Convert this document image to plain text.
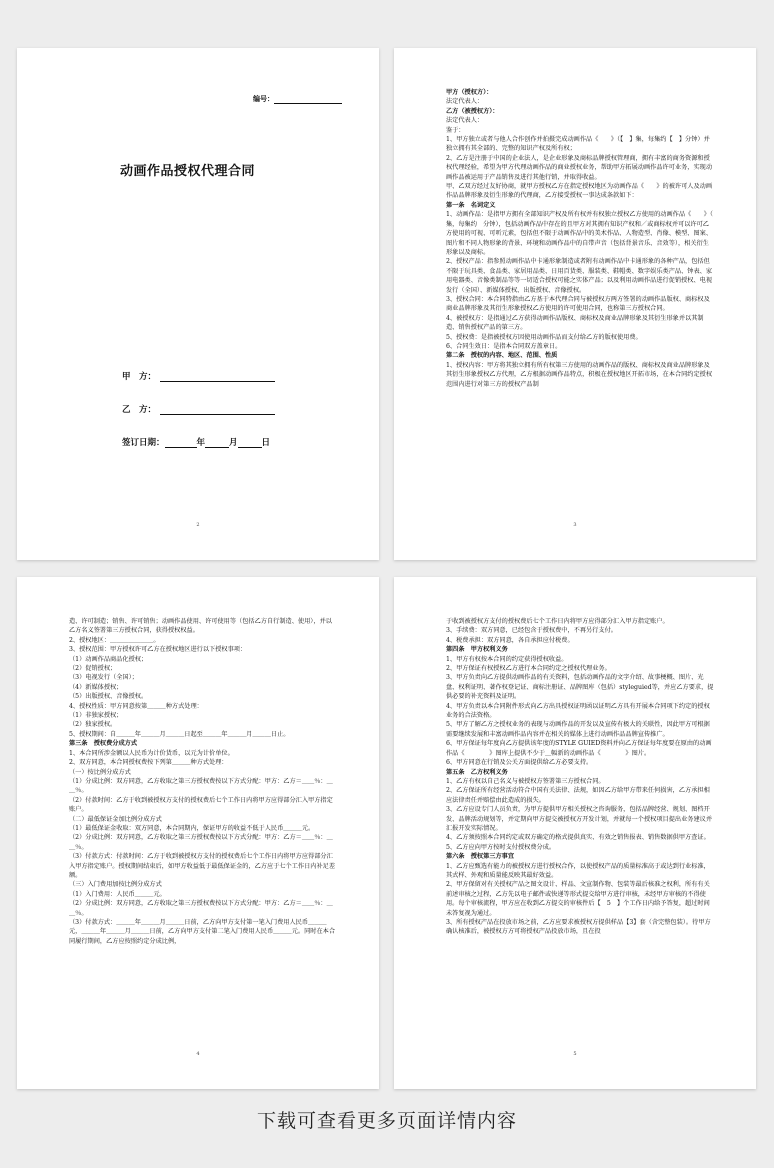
编号：
动画作品授权代理合同
甲　方：
乙　方：
签订日期：	年	月	日
2

甲方（授权方）：

法定代表人：

乙方（被授权方）：

法定代表人：

鉴于：

1、甲方独立或者与他人合作创作并拍摄完成动画作品《　　》（【　】集，每集约【　】分钟）并独立拥有其全部的、完整的知识产权及所有权；

2、乙方是注册于中国的企业法人，是企业形象及商标品牌授权管理商，拥有丰富的商务资源和授权代理经验，希望为甲方代理动画作品的商业授权业务，帮助甲方拓展动画作品许可业务，实现动画作品被运用于产品销售及进行其他行销，并取得收益。

甲、乙双方经过友好协商，就甲方授权乙方在指定授权地区为动画作品《　　》的被许可人及动画作品品牌形象及衍生形象的代理商，乙方接受授权一事达成条款如下：

第一条　名词定义

1、动画作品：是指甲方拥有全部知识产权及所有权并有权独立授权乙方使用的动画作品《　　》（　集，每集约　分钟），包括动画作品中存在的且甲方对其拥有知识产权和／或商标权并可以许可乙方使用的可视、可听元素，包括但不限于动画作品中的美术作品、人物造型、肖像、模型、图案、图片和不同人物形象的背景、环境和动画作品中的自带声音（包括背景音乐、音效等），相关衍生形象以及商标。

2、授权产品：指参照动画作品中卡通形象制造或者附有动画作品中卡通形象的各种产品，包括但不限于玩具类、食品类、家居用品类、日用百货类、服装类、鞋帽类、数字娱乐类产品、钟表、家用电器类、音像类制品等等一切适合授权可能之实体产品；以及利用动画作品进行促销授权、电视发行（全国）、新媒体授权、出版授权、音像授权。

3、授权合同：本合同特指由乙方基于本代理合同与被授权方两方签署的动画作品版权、商标权及商业品牌形象及其衍生形象授权乙方使用的许可使用合同，也称第三方授权合同。

4、被授权方：是指通过乙方获得动画作品版权、商标权及商业品牌形象及其衍生形象并以其制造、销售授权产品的第三方。

5、授权费：是指被授权方因使用动画作品而支付给乙方的版权使用费。

6、合同生效日：是指本合同双方盖章日。

第二条　授权的内容、地区、范围、性质

1、授权内容：甲方将其独立拥有所有权第三方使用的动画作品的版权、商标权及商业品牌形象及其衍生形象授权乙方代理，乙方根据动画作品特点，积极在授权地区开拓市场，在本合同约定授权范围内进行对第三方的授权产品制

3

造、许可制造；销售、许可销售；动画作品使用、许可使用等（包括乙方自行制造、使用），并以乙方名义签署第三方授权合同，获得授权权益。

2、授权地区：＿＿＿＿＿＿＿。

3、授权范围：甲方授权许可乙方在授权地区进行以下授权事项：

（1）动画作品商品化授权；

（2）促销授权；

（3）电视发行（全国）；

（4）新媒体授权；

（5）出版授权、音像授权。

4、授权性质：甲方同意按第＿＿＿种方式处理：

（1）非独家授权；

（2）独家授权。

5、授权期间：自＿＿＿年＿＿＿月＿＿＿日起至＿＿＿年＿＿＿月＿＿＿日止。

第三条　授权费分成方式

1、本合同所涉金额以人民币为计价货币，以元为计价单位。

2、双方同意，本合同授权费按下列第＿＿＿种方式处理：

（一）按比例分成方式

（1）分成比例：双方同意，乙方收取之第三方授权费按以下方式分配：甲方：乙方＝＿＿％：＿＿％。

（2）付款时间：乙方于收到被授权方支付的授权费后七个工作日内将甲方应得部分汇入甲方指定账户。

（二）最低保证金加比例分成方式

（1）最低保证金收取：双方同意，本合同期内，保证甲方的收益不低于人民币＿＿＿元。

（2）分成比例：双方同意，乙方收取之第三方授权费按以下方式分配：甲方：乙方＝＿＿％：＿＿％。

（3）付款方式：付款时间：乙方于收到被授权方支付的授权费后七个工作日内将甲方应得部分汇入甲方指定账户。授权期间结束后，如甲方收益低于最低保证金的，乙方应于七个工作日内补足差额。

（三）入门费用加按比例分成方式

（1）入门费用：人民币＿＿＿元。

（2）分成比例：双方同意，乙方收取之第三方授权费按以下方式分配：甲方：乙方＝＿＿％：＿＿％。

（3）付款方式：＿＿＿年＿＿＿月＿＿＿日前，乙方向甲方支付第一笔入门费用人民币＿＿＿元，＿＿＿年＿＿＿月＿＿＿日前，乙方向甲方支付第二笔入门费用人民币＿＿＿元。同时在本合同履行期间，乙方应按照约定分成比例，

4

于收到被授权方支付的授权费后七个工作日内将甲方应得部分汇入甲方指定账户。

3、手续费：双方同意，已经包含于授权费中，不再另行支付。

4、税费承担：双方同意，各自承担应付税费。

第四条　甲方权利义务

1、甲方有权按本合同的约定获得授权收益。

2、甲方保证有权授权乙方进行本合同约定之授权代理业务。

3、甲方负责向乙方提供动画作品的有关资料，包括动画作品的文字介绍、故事梗概、图片、光盘、权利证明、著作权登记证、商标注册证、品牌图库（包括）styleguied等，并应乙方要求，提供必要的补充资料及证明。

4、甲方负责以本合同附件形式向乙方出具授权证明函以证明乙方具有开展本合同项下约定的授权业务的合法资格。

5、甲方了解乙方之授权业务的表现与动画作品的开发以及宣传有极大的关联性，因此甲方可根据需要继续发展和丰富动画作品内容并在相关的媒体上进行动画作品品牌宣传推广。

6、甲方保证每年度向乙方提供该年度的STYLE GUIED资料并向乙方保证每年度要在原由的动画作品《　　　　》图库上提供不少于＿幅新的动画作品《　　　　》图片。

6、甲方同意在行销及公关方面提供给乙方必要支持。

第五条　乙方权利义务

1、乙方有权以自己名义与被授权方签署第三方授权合同。

2、乙方保证所有经营活动符合中国有关法律、法规，如因乙方给甲方带来任何损害，乙方承担相应法律责任并赔偿由此造成的损失。

3、乙方应设专门人员负责，为甲方提供甲方相关授权之咨询服务，包括品牌经营、规划、图档开发、品牌活动规划等，并定期向甲方提交被授权方开发计划，并就每一个授权项目提出业务建议并汇报开发实际情况。

4、乙方须按照本合同约定或双方确定的格式提供真实、有效之销售报表、销售数据供甲方查证。

5、乙方应向甲方按时支付授权费分成。

第六条　授权第三方事宜

1、乙方应甄选有能力的被授权方进行授权合作，以使授权产品的质量标准高于或达到行业标准，其式样、外观和质量能反映其最好效益。

2、甲方保留对有关授权产品之图文设计、样品、文宣制作物、包装等最后核准之权利，所有有关前述审核之过程，乙方先以电子邮件或快递等形式提交给甲方进行审核，未经甲方审核的不得使用。每个审核流程，甲方应在收到乙方提交的审核件后【　5　】个工作日内给予答复，超过时间未答复视为通过。

3、所有授权产品在投放市场之前，乙方应要求被授权方提供样品【3】套（含完整包装）。待甲方确认核准后，被授权方方可将授权产品投放市场，且在投

5
下载可查看更多页面详情内容
